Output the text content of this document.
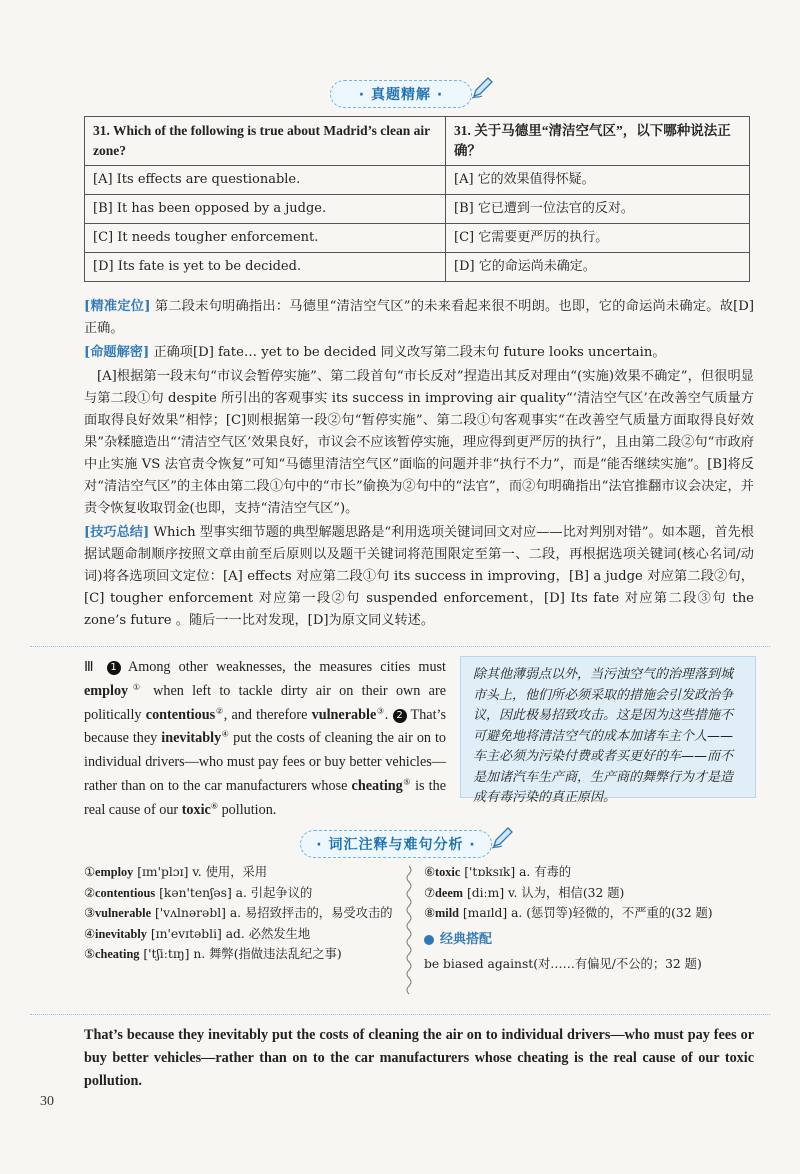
· 真题精解 ·
31. Which of the following is true about Madrid’s clean air zone?	31. 关于马德里“清洁空气区”，以下哪种说法正确？
[A] Its effects are questionable.	[A] 它的效果值得怀疑。
[B] It has been opposed by a judge.	[B] 它已遭到一位法官的反对。
[C] It needs tougher enforcement.	[C] 它需要更严厉的执行。
[D] Its fate is yet to be decided.	[D] 它的命运尚未确定。
[精准定位] 第二段末句明确指出：马德里“清洁空气区”的未来看起来很不明朗。也即，它的命运尚未确定。故[D]正确。
[命题解密] 正确项[D] fate… yet to be decided 同义改写第二段末句 future looks uncertain。
[A]根据第一段末句“市议会暂停实施”、第二段首句“市长反对”捏造出其反对理由“(实施)效果不确定”，但很明显与第二段①句 despite 所引出的客观事实 its success in improving air quality“‘清洁空气区’在改善空气质量方面取得良好效果”相悖；[C]则根据第一段②句“暂停实施”、第二段①句客观事实“在改善空气质量方面取得良好效果”杂糅臆造出“‘清洁空气区’效果良好，市议会不应该暂停实施，理应得到更严厉的执行”，且由第二段②句“市政府中止实施 VS 法官责令恢复”可知“马德里清洁空气区”面临的问题并非“执行不力”，而是“能否继续实施”。[B]将反对“清洁空气区”的主体由第二段①句中的“市长”偷换为②句中的“法官”，而②句明确指出“法官推翻市议会决定，并责令恢复收取罚金(也即，支持“清洁空气区”)。
[技巧总结] Which 型事实细节题的典型解题思路是“利用选项关键词回文对应——比对判别对错”。如本题，首先根据试题命制顺序按照文章由前至后原则以及题干关键词将范围限定至第一、二段，再根据选项关键词(核心名词/动词)将各选项回文定位：[A] effects 对应第二段①句 its success in improving，[B] a judge 对应第二段②句，[C] tougher enforcement 对应第一段②句 suspended enforcement，[D] Its fate 对应第二段③句 the zone’s future 。随后一一比对发现，[D]为原文同义转述。
Ⅲ 1 Among other weaknesses, the measures cities must employ① when left to tackle dirty air on their own are politically contentious②, and therefore vulnerable③. 2 That’s because they inevitably④ put the costs of cleaning the air on to individual drivers—who must pay fees or buy better vehicles—rather than on to the car manufacturers whose cheating⑤ is the real cause of our toxic⑥ pollution.
除其他薄弱点以外，当污浊空气的治理落到城市头上，他们所必须采取的措施会引发政治争议，因此极易招致攻击。这是因为这些措施不可避免地将清洁空气的成本加诸车主个人——车主必须为污染付费或者买更好的车——而不是加诸汽车生产商，生产商的舞弊行为才是造成有毒污染的真正原因。
· 词汇注释与难句分析 ·
①employ [ɪm'plɔɪ] v. 使用，采用
②contentious [kən'tenʃəs] a. 引起争议的
③vulnerable ['vʌlnərəbl] a. 易招致抨击的，易受攻击的
④inevitably [ɪn'evɪtəbli] ad. 必然发生地
⑤cheating ['tʃiːtɪŋ] n. 舞弊(指做违法乱纪之事)
⑥toxic ['tɒksɪk] a. 有毒的
⑦deem [diːm] v. 认为，相信(32 题)
⑧mild [maɪld] a. (惩罚等)轻微的，不严重的(32 题)
经典搭配
be biased against(对……有偏见/不公的；32 题)
That’s because they inevitably put the costs of cleaning the air on to individual drivers—who must pay fees or buy better vehicles—rather than on to the car manufacturers whose cheating is the real cause of our toxic pollution.
30
